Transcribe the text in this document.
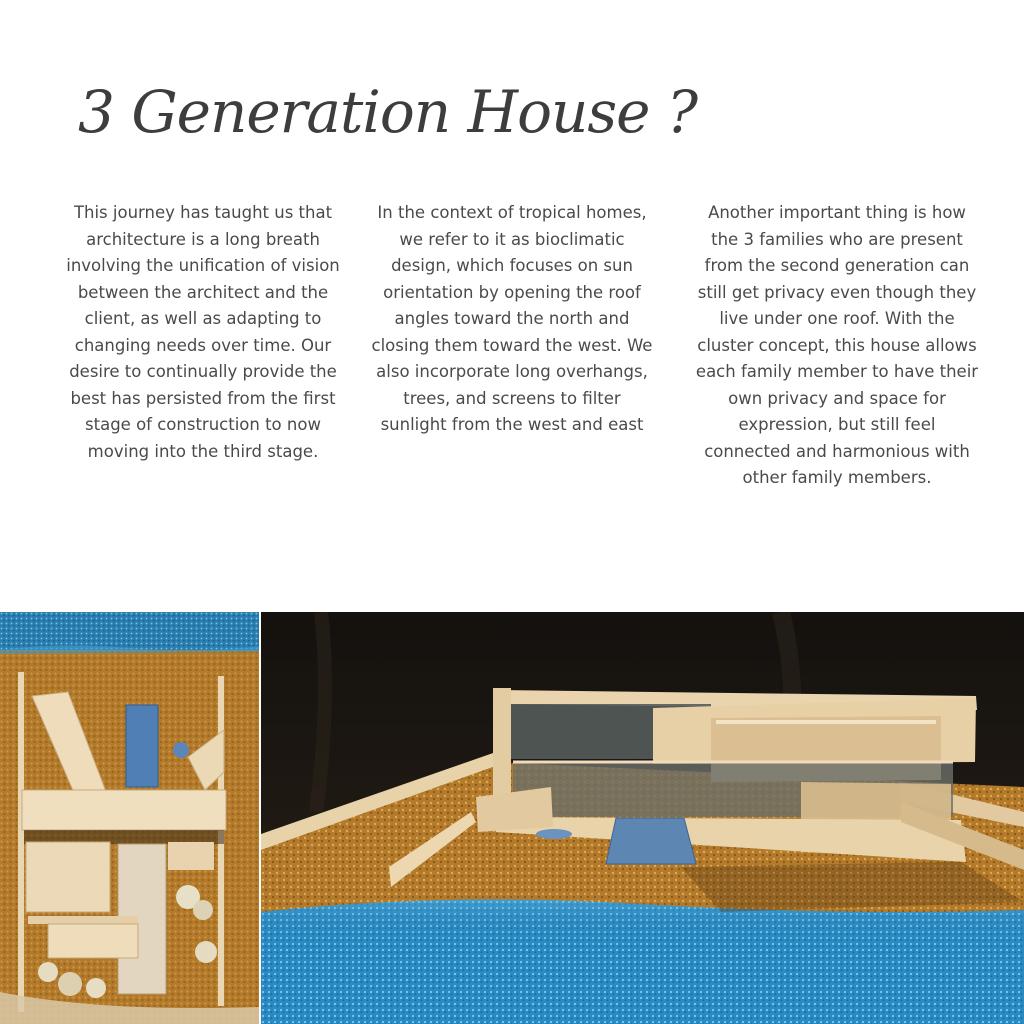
3 Generation House ?

This journey has taught us that architecture is a long breath involving the unification of vision between the architect and the client, as well as adapting to changing needs over time. Our desire to continually provide the best has persisted from the first stage of construction to now moving into the third stage.

In the context of tropical homes, we refer to it as bioclimatic design, which focuses on sun orientation by opening the roof angles toward the north and closing them toward the west. We also incorporate long overhangs, trees, and screens to filter sunlight from the west and east

Another important thing is how the 3 families who are present from the second generation can still get privacy even though they live under one roof. With the cluster concept, this house allows each family member to have their own privacy and space for expression, but still feel connected and harmonious with other family members.
